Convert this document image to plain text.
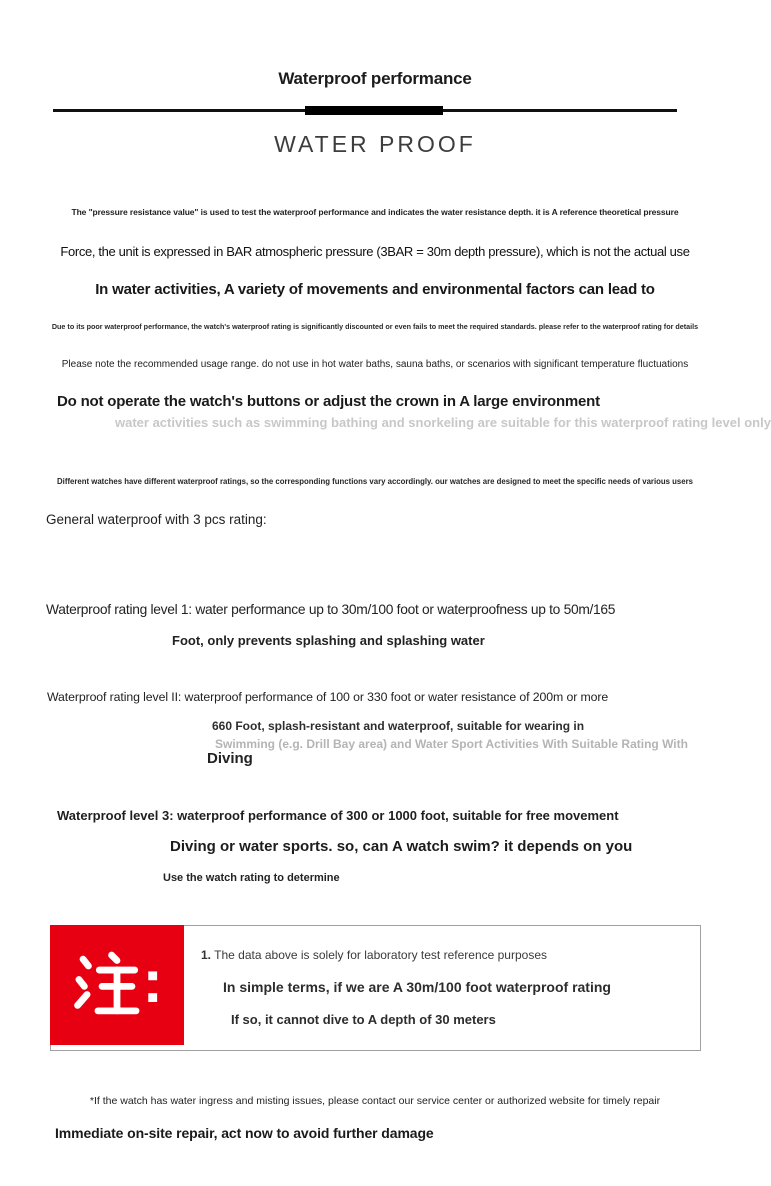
Waterproof performance
WATER PROOF
The "pressure resistance value" is used to test the waterproof performance and indicates the water resistance depth. it is A reference theoretical pressure
Force, the unit is expressed in BAR atmospheric pressure (3BAR = 30m depth pressure), which is not the actual use
In water activities, A variety of movements and environmental factors can lead to
Due to its poor waterproof performance, the watch's waterproof rating is significantly discounted or even fails to meet the required standards. please refer to the waterproof rating for details
Please note the recommended usage range. do not use in hot water baths, sauna baths, or scenarios with significant temperature fluctuations
Do not operate the watch's buttons or adjust the crown in A large environment
water activities such as swimming bathing and snorkeling are suitable for this waterproof rating level only
Different watches have different waterproof ratings, so the corresponding functions vary accordingly. our watches are designed to meet the specific needs of various users
General waterproof with 3 pcs rating:
Waterproof rating level 1: water performance up to 30m/100 foot or waterproofness up to 50m/165
Foot, only prevents splashing and splashing water
Waterproof rating level II: waterproof performance of 100 or 330 foot or water resistance of 200m or more
660 Foot, splash-resistant and waterproof, suitable for wearing in
Swimming (e.g. Drill Bay area) and Water Sport Activities With Suitable Rating With
Diving
Waterproof level 3: waterproof performance of 300 or 1000 foot, suitable for free movement
Diving or water sports. so, can A watch swim? it depends on you
Use the watch rating to determine
1. The data above is solely for laboratory test reference purposes
In simple terms, if we are A 30m/100 foot waterproof rating
If so, it cannot dive to A depth of 30 meters
*If the watch has water ingress and misting issues, please contact our service center or authorized website for timely repair
Immediate on-site repair, act now to avoid further damage
